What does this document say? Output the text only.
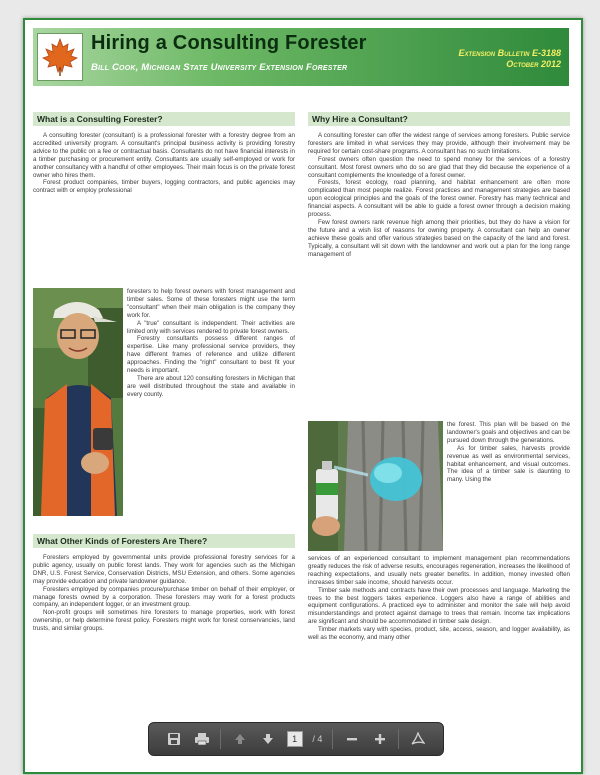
Hiring a Consulting Forester
Bill Cook, Michigan State University Extension Forester
Extension Bulletin E-3188
October 2012
What is a Consulting Forester?

A consulting forester (consultant) is a professional forester with a forestry degree from an accredited university program. A consultant's principal business activity is providing forestry advice to the public on a fee or contractual basis. Consultants do not have financial interests in a timber purchasing or procurement entity. Consultants are usually self-employed or work for another consultancy with a handful of other employees. Their main focus is on the private forest owner who hires them.

Forest product companies, timber buyers, logging contractors, and public agencies may contract with or employ professional

foresters to help forest owners with forest management and timber sales. Some of these foresters might use the term "consultant" when their main obligation is the company they work for.

A "true" consultant is independent. Their activities are limited only with services rendered to private forest owners.

Forestry consultants possess different ranges of expertise. Like many professional service providers, they have different frames of reference and utilize different approaches. Finding the "right" consultant to best fit your needs is important.

There are about 120 consulting foresters in Michigan that are well distributed throughout the state and available in every county.

What Other Kinds of Foresters Are There?

Foresters employed by governmental units provide professional forestry services for a public agency, usually on public forest lands. They work for agencies such as the Michigan DNR, U.S. Forest Service, Conservation Districts, MSU Extension, and others. Some agencies may provide education and private landowner guidance.

Foresters employed by companies procure/purchase timber on behalf of their employer, or manage forests owned by a corporation. These foresters may work for a forest products company, an independent logger, or an investment group.

Non-profit groups will sometimes hire foresters to manage properties, work with forest ownership, or help determine forest policy. Foresters might work for forest conservancies, land trusts, and similar groups.

Why Hire a Consultant?

A consulting forester can offer the widest range of services among foresters. Public service foresters are limited in what services they may provide, although their involvement may be required for certain cost-share programs. A consultant has no such limitations.

Forest owners often question the need to spend money for the services of a forestry consultant. Most forest owners who do so are glad that they did because the experience of a consultant complements the knowledge of a forest owner.

Forests, forest ecology, road planning, and habitat enhancement are often more complicated than most people realize. Forest practices and management strategies are based upon ecological principles and the goals of the forest owner. Forestry has many technical and financial aspects. A consultant will be able to guide a forest owner through a decision making process.

Few forest owners rank revenue high among their priorities, but they do have a vision for the future and a wish list of reasons for owning property. A consultant can help an owner achieve these goals and offer various strategies based on the capacity of the land and forest. Typically, a consultant will sit down with the landowner and work out a plan for the long range management of

the forest. This plan will be based on the landowner's goals and objectives and can be pursued down through the generations.

As for timber sales, harvests provide revenue as well as environmental services, habitat enhancement, and visual outcomes. The idea of a timber sale is daunting to many. Using the

services of an experienced consultant to implement management plan recommendations greatly reduces the risk of adverse results, encourages regeneration, increases the likelihood of reaching expectations, and usually nets greater benefits. In addition, money invested often increases timber sale income, should harvests occur.

Timber sale methods and contracts have their own processes and language. Marketing the trees to the best loggers takes experience. Loggers also have a range of abilities and equipment configurations. A practiced eye to administer and monitor the sale will help avoid misunderstandings and protect against damage to trees that remain. Income tax implications are significant and should be accommodated in timber sale design.

Timber markets vary with species, product, site, access, season, and logger availability, as well as the economy, and many other

1	/ 4
